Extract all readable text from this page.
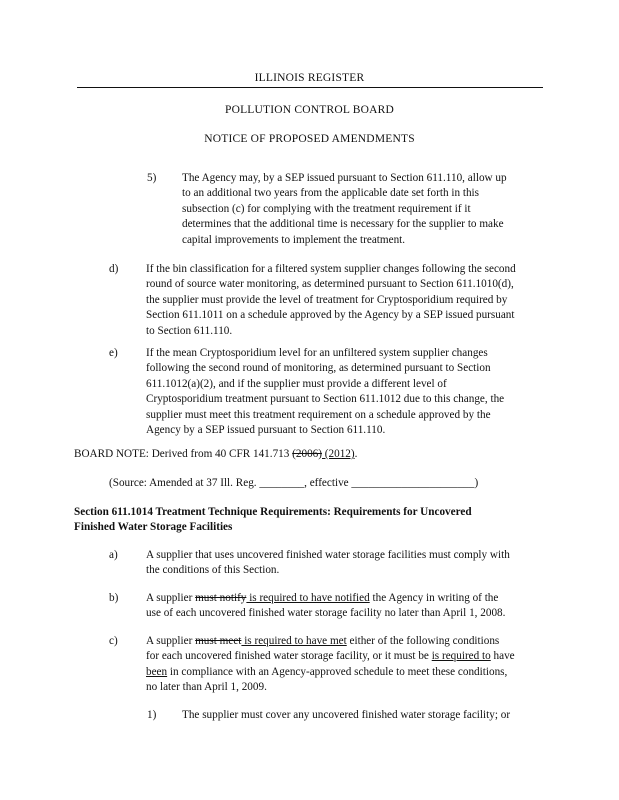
ILLINOIS REGISTER
POLLUTION CONTROL BOARD
NOTICE OF PROPOSED AMENDMENTS
5) The Agency may, by a SEP issued pursuant to Section 611.110, allow up
to an additional two years from the applicable date set forth in this
subsection (c) for complying with the treatment requirement if it
determines that the additional time is necessary for the supplier to make
capital improvements to implement the treatment.
d) If the bin classification for a filtered system supplier changes following the second
round of source water monitoring, as determined pursuant to Section 611.1010(d),
the supplier must provide the level of treatment for Cryptosporidium required by
Section 611.1011 on a schedule approved by the Agency by a SEP issued pursuant
to Section 611.110.
e)	If the mean Cryptosporidium level for an unfiltered system supplier changes
following the second round of monitoring, as determined pursuant to Section
611.1012(a)(2), and if the supplier must provide a different level of
Cryptosporidium treatment pursuant to Section 611.1012 due to this change, the
supplier must meet this treatment requirement on a schedule approved by the
Agency by a SEP issued pursuant to Section 611.110.
BOARD NOTE: Derived from 40 CFR 141.713 (2006) (2012).
(Source: Amended at 37 Ill. Reg. ________, effective ______________________)
Section 611.1014 Treatment Technique Requirements: Requirements for Uncovered
Finished Water Storage Facilities
a)	A supplier that uses uncovered finished water storage facilities must comply with
the conditions of this Section.
b) A supplier must notify is required to have notified the Agency in writing of the
use of each uncovered finished water storage facility no later than April 1, 2008.
c)	A supplier must meet is required to have met either of the following conditions
for each uncovered finished water storage facility, or it must be is required to have
been in compliance with an Agency-approved schedule to meet these conditions,
no later than April 1, 2009.
1) The supplier must cover any uncovered finished water storage facility; or
